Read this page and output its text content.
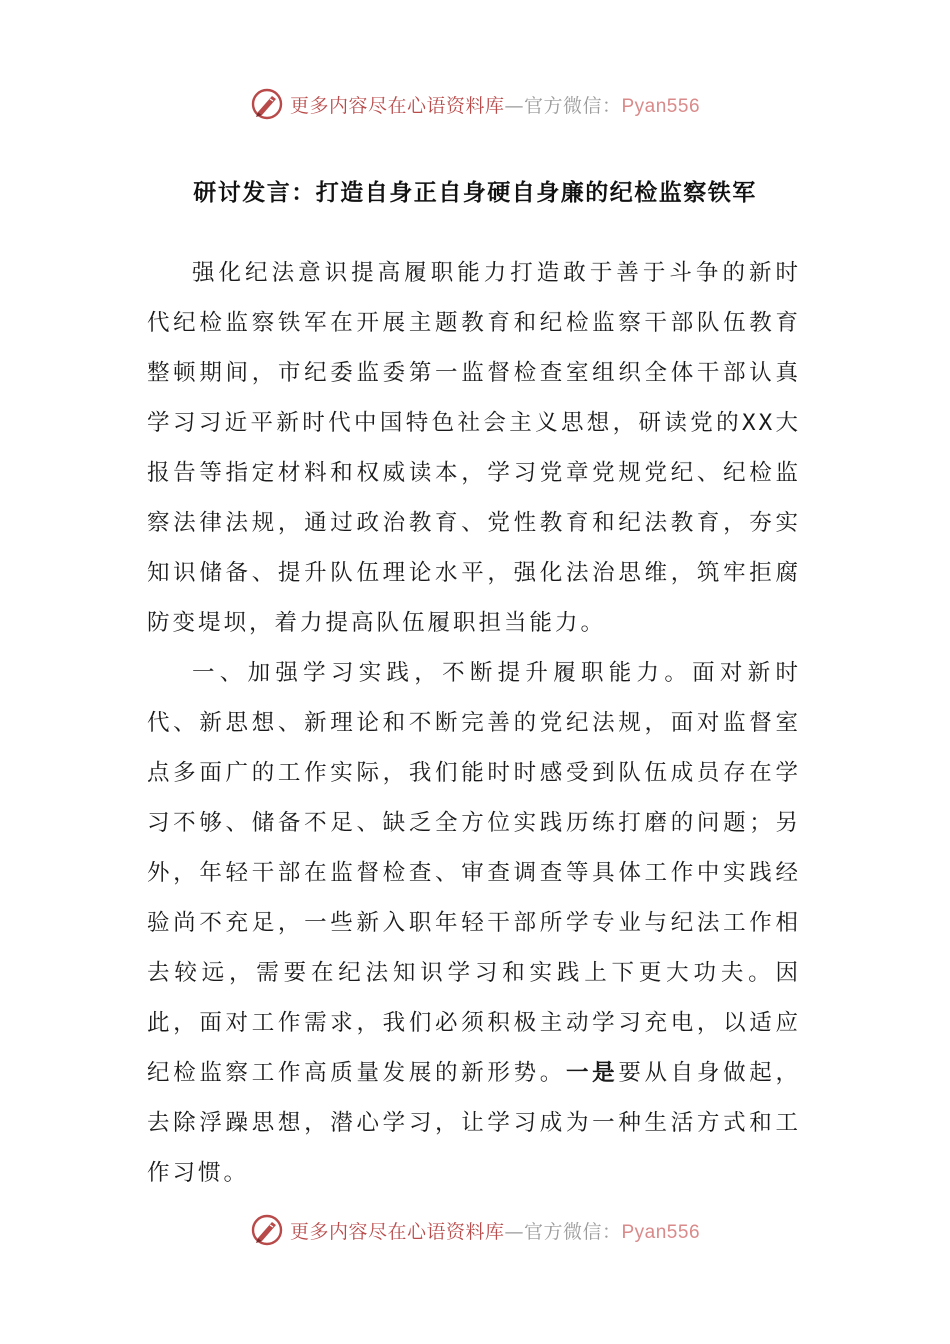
更多内容尽在心语资料库—官方微信：Pyan556
研讨发言：打造自身正自身硬自身廉的纪检监察铁军

强化纪法意识提高履职能力打造敢于善于斗争的新时代纪检监察铁军在开展主题教育和纪检监察干部队伍教育整顿期间，市纪委监委第一监督检查室组织全体干部认真学习习近平新时代中国特色社会主义思想，研读党的XX大报告等指定材料和权威读本，学习党章党规党纪、纪检监察法律法规，通过政治教育、党性教育和纪法教育，夯实知识储备、提升队伍理论水平，强化法治思维，筑牢拒腐防变堤坝，着力提高队伍履职担当能力。

一、加强学习实践，不断提升履职能力。面对新时代、新思想、新理论和不断完善的党纪法规，面对监督室点多面广的工作实际，我们能时时感受到队伍成员存在学习不够、储备不足、缺乏全方位实践历练打磨的问题；另外，年轻干部在监督检查、审查调查等具体工作中实践经验尚不充足，一些新入职年轻干部所学专业与纪法工作相去较远，需要在纪法知识学习和实践上下更大功夫。因此，面对工作需求，我们必须积极主动学习充电，以适应纪检监察工作高质量发展的新形势。一是要从自身做起，去除浮躁思想，潜心学习，让学习成为一种生活方式和工作习惯。

更多内容尽在心语资料库—官方微信：Pyan556
